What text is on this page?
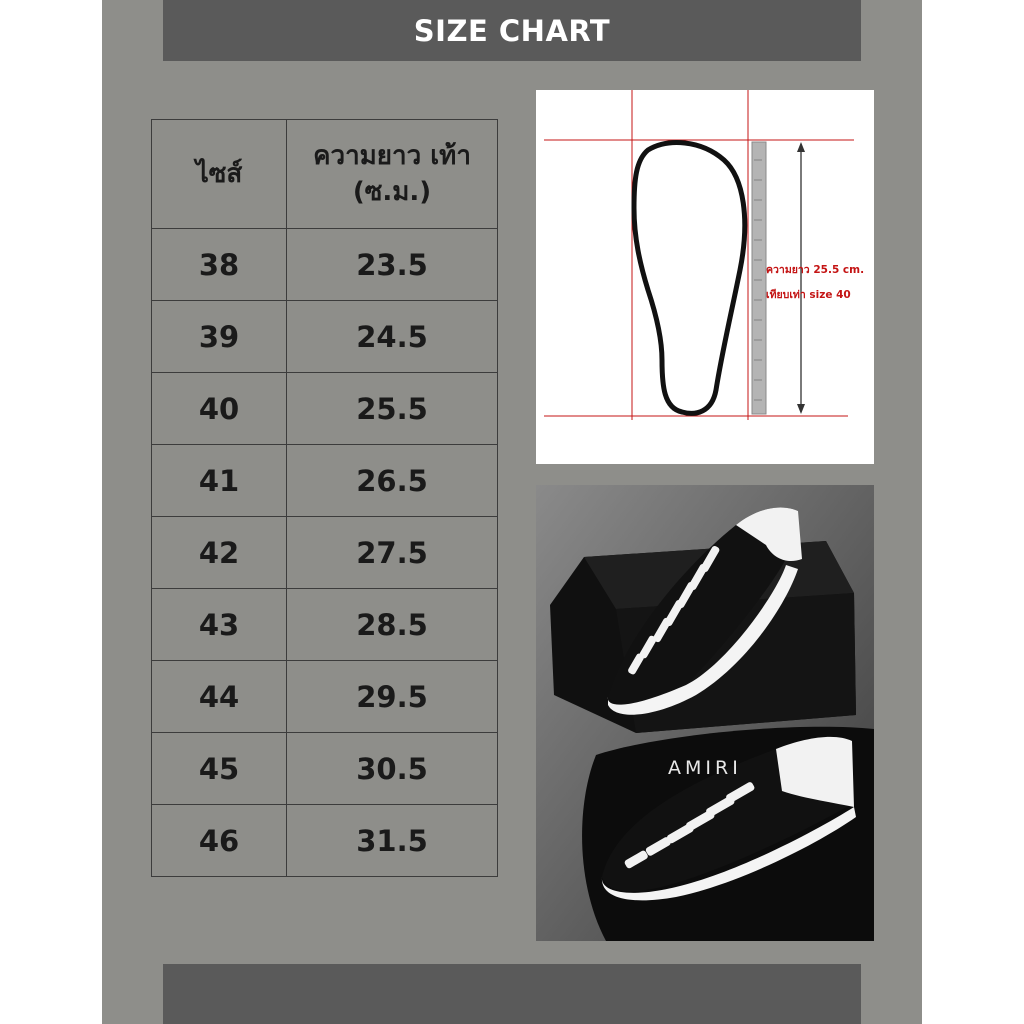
SIZE CHART
ไซส์	ความยาว เท้า
(ซ.ม.)
38	23.5
39	24.5
40	25.5
41	26.5
42	27.5
43	28.5
44	29.5
45	30.5
46	31.5
ความยาว 25.5 cm.
เทียบเท่า size 40
AMIRI
